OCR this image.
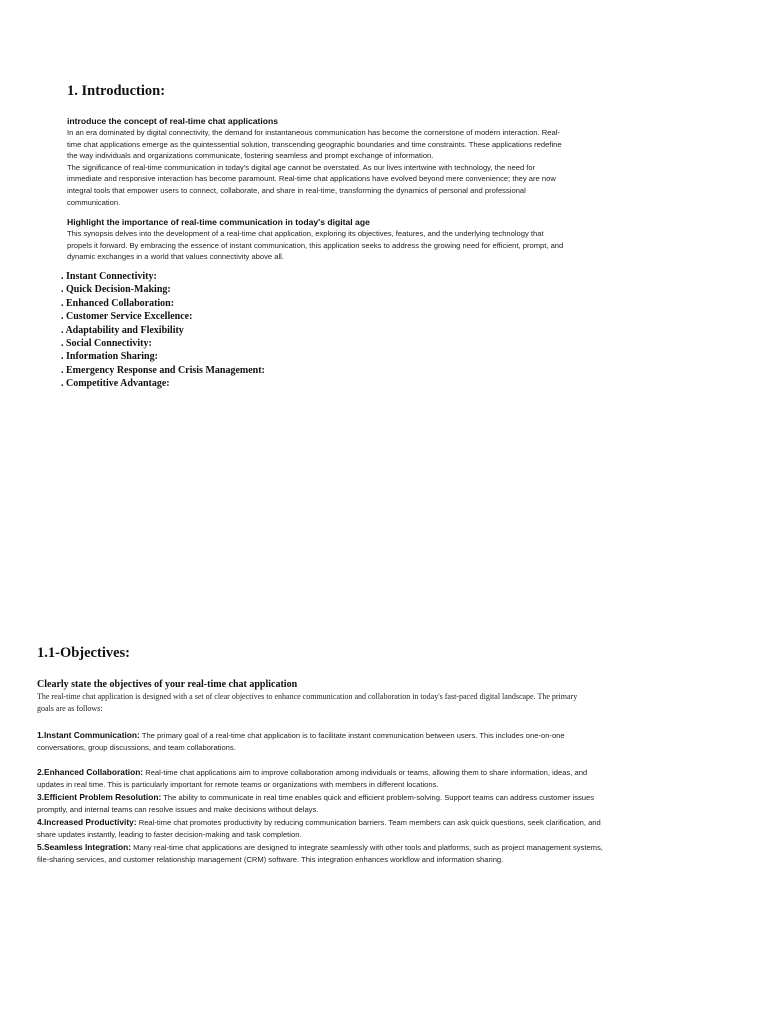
1. Introduction:

introduce the concept of real-time chat applications

In an era dominated by digital connectivity, the demand for instantaneous communication has become the cornerstone of modern interaction. Real-
time chat applications emerge as the quintessential solution, transcending geographic boundaries and time constraints. These applications redefine
the way individuals and organizations communicate, fostering seamless and prompt exchange of information.
The significance of real-time communication in today's digital age cannot be overstated. As our lives intertwine with technology, the need for
immediate and responsive interaction has become paramount. Real-time chat applications have evolved beyond mere convenience; they are now
integral tools that empower users to connect, collaborate, and share in real-time, transforming the dynamics of personal and professional
communication.

Highlight the importance of real-time communication in today's digital age

This synopsis delves into the development of a real-time chat application, exploring its objectives, features, and the underlying technology that
propels it forward. By embracing the essence of instant communication, this application seeks to address the growing need for efficient, prompt, and
dynamic exchanges in a world that values connectivity above all.

. Instant Connectivity:
. Quick Decision-Making:
. Enhanced Collaboration:
. Customer Service Excellence:
. Adaptability and Flexibility
. Social Connectivity:
. Information Sharing:
. Emergency Response and Crisis Management:
. Competitive Advantage:
1.1-Objectives:

Clearly state the objectives of your real-time chat application

The real-time chat application is designed with a set of clear objectives to enhance communication and collaboration in today's fast-paced digital landscape. The primary
goals are as follows:

1.Instant Communication: The primary goal of a real-time chat application is to facilitate instant communication between users. This includes one-on-one
conversations, group discussions, and team collaborations.

2.Enhanced Collaboration: Real-time chat applications aim to improve collaboration among individuals or teams, allowing them to share information, ideas, and
updates in real time. This is particularly important for remote teams or organizations with members in different locations.

3.Efficient Problem Resolution: The ability to communicate in real time enables quick and efficient problem-solving. Support teams can address customer issues
promptly, and internal teams can resolve issues and make decisions without delays.

4.Increased Productivity: Real-time chat promotes productivity by reducing communication barriers. Team members can ask quick questions, seek clarification, and
share updates instantly, leading to faster decision-making and task completion.

5.Seamless Integration: Many real-time chat applications are designed to integrate seamlessly with other tools and platforms, such as project management systems,
file-sharing services, and customer relationship management (CRM) software. This integration enhances workflow and information sharing.
